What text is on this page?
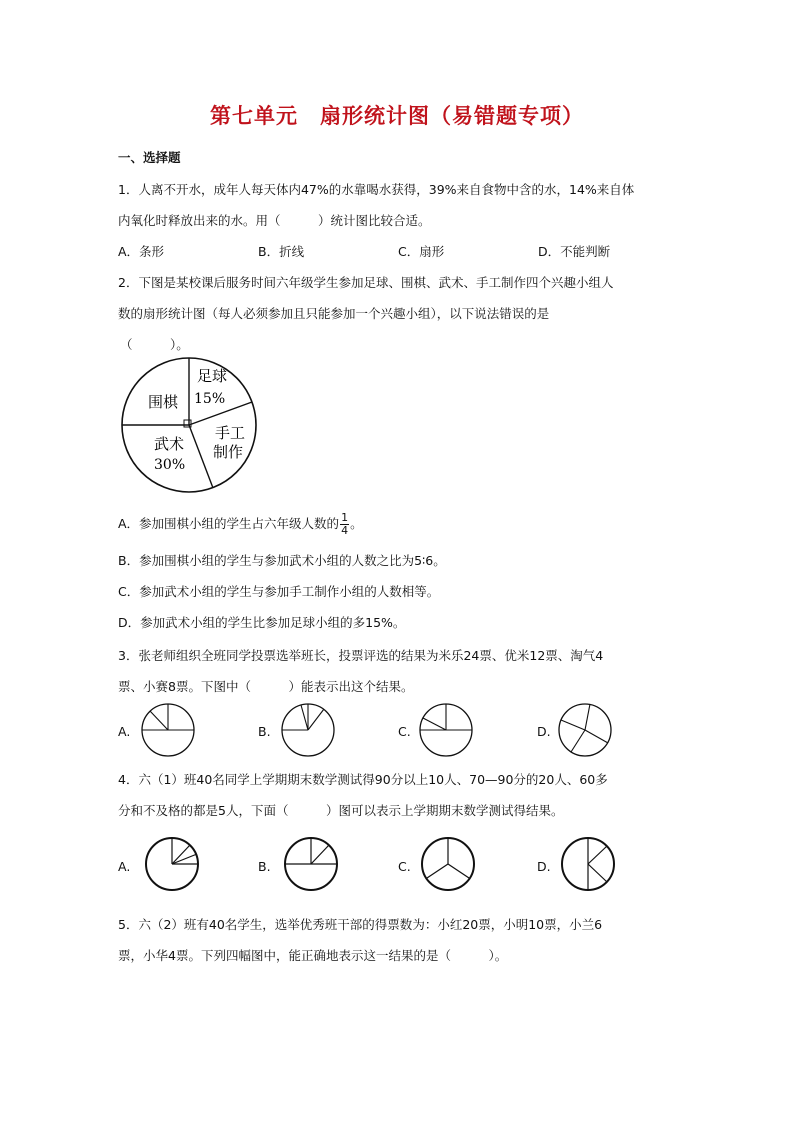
第七单元　扇形统计图（易错题专项）
一、选择题
1．人离不开水，成年人每天体内47%的水靠喝水获得，39%来自食物中含的水，14%来自体
内氧化时释放出来的水。用（　　　）统计图比较合适。
A．条形	B．折线	C．扇形	D．不能判断
2．下图是某校课后服务时间六年级学生参加足球、围棋、武术、手工制作四个兴趣小组人
数的扇形统计图（每人必须参加且只能参加一个兴趣小组），以下说法错误的是
（　　　）。
足球
15%
围棋
手工
制作
武术
30%
A．参加围棋小组的学生占六年级人数的 $\frac{1}{4}$ 。
B．参加围棋小组的学生与参加武术小组的人数之比为5∶6。
C．参加武术小组的学生与参加手工制作小组的人数相等。
D．参加武术小组的学生比参加足球小组的多15%。
3．张老师组织全班同学投票选举班长，投票评选的结果为米乐24票、优米12票、淘气4
票、小赛8票。下图中（　　　）能表示出这个结果。
A.	B.	C.	D.
4．六（1）班40名同学上学期期末数学测试得90分以上10人、70—90分的20人、60多
分和不及格的都是5人，下面（　　　）图可以表示上学期期末数学测试得结果。
A.	B.	C.	D.
5．六（2）班有40名学生，选举优秀班干部的得票数为：小红20票，小明10票，小兰6
票，小华4票。下列四幅图中，能正确地表示这一结果的是（　　　）。
